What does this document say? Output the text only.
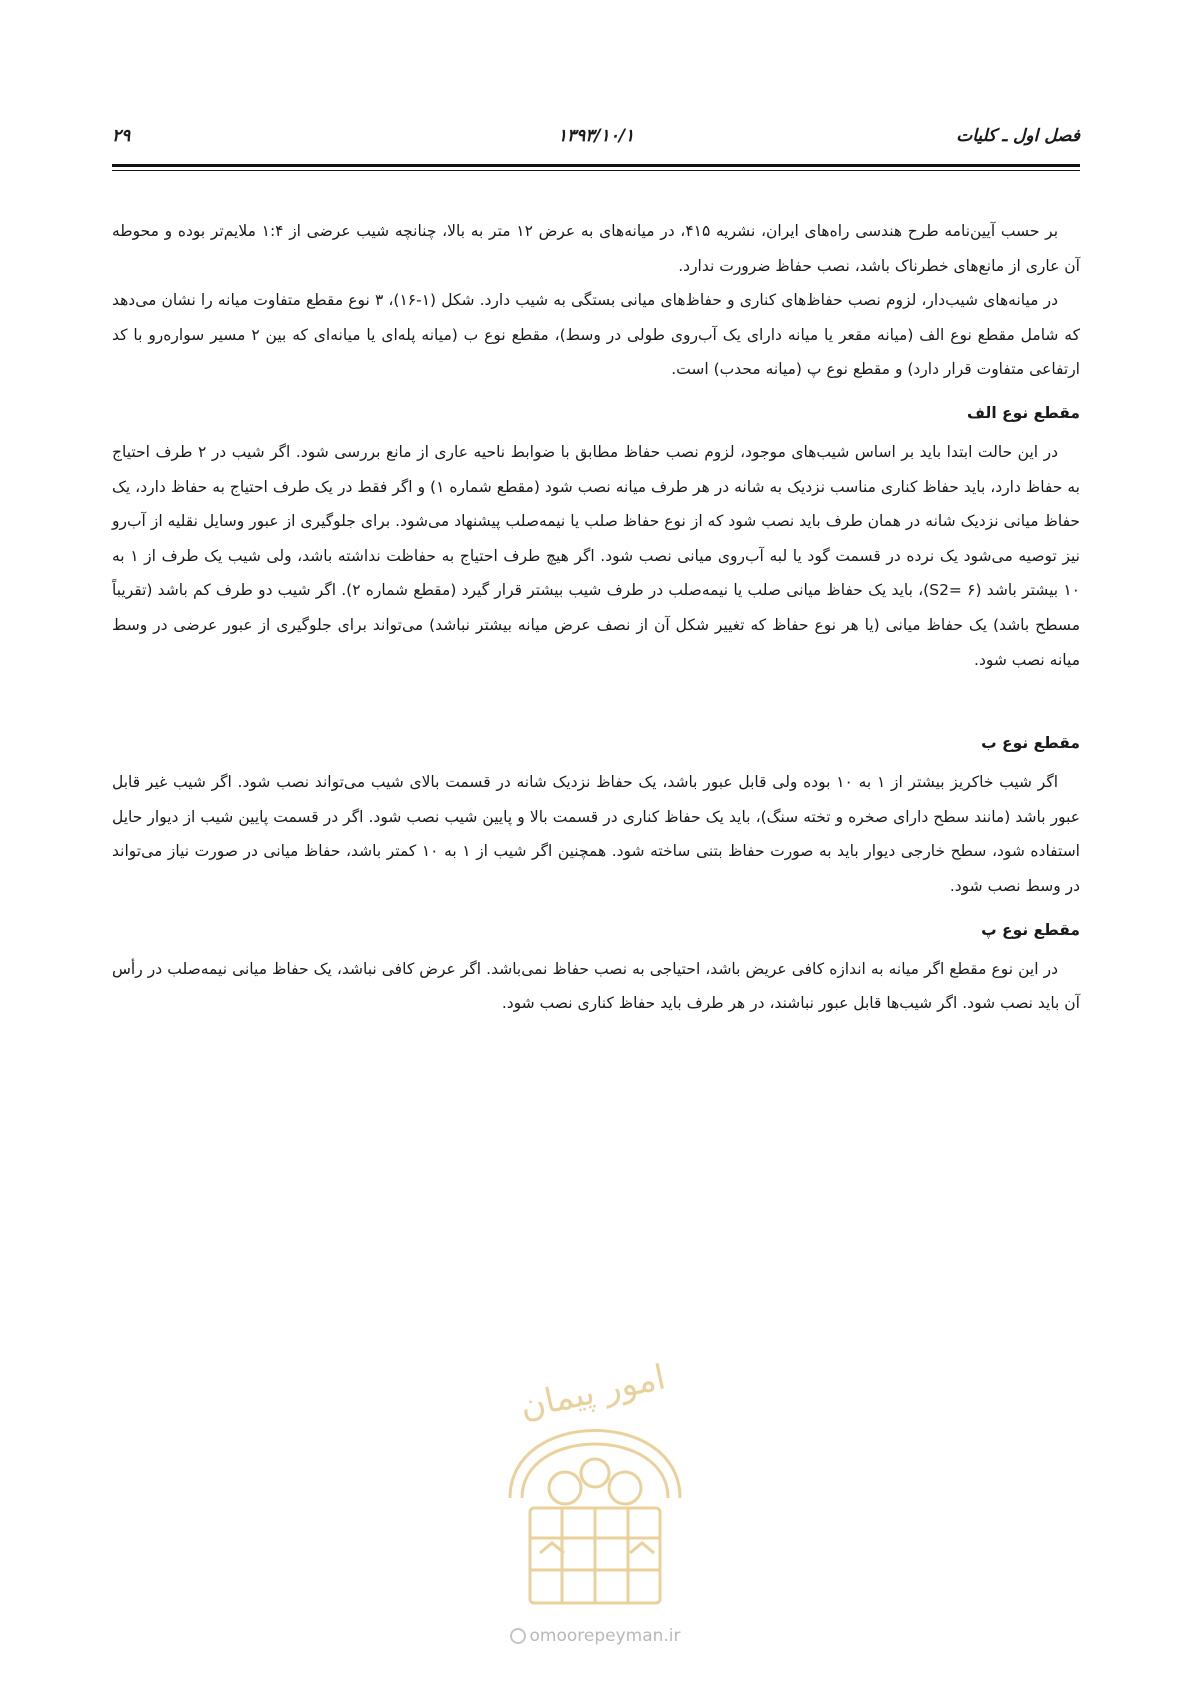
۲۹	۱۳۹۳/۱۰/۱	فصل اول ـ کلیات

بر حسب آیین‌نامه طرح هندسی راه‌های ایران، نشریه ۴۱۵، در میانه‌های به عرض ۱۲ متر به بالا، چنانچه شیب عرضی از ۱:۴ ملایم‌تر بوده و محوطه آن عاری از مانع‌های خطرناک باشد، نصب حفاظ ضرورت ندارد.

در میانه‌های شیب‌دار، لزوم نصب حفاظ‌های کناری و حفاظ‌های میانی بستگی به شیب دارد. شکل (۱-۱۶)، ۳ نوع مقطع متفاوت میانه را نشان می‌دهد که شامل مقطع نوع الف (میانه مقعر یا میانه دارای یک آب‌روی طولی در وسط)، مقطع نوع ب (میانه پله‌ای یا میانه‌ای که بین ۲ مسیر سواره‌رو با کد ارتفاعی متفاوت قرار دارد) و مقطع نوع پ (میانه محدب) است.

مقطع نوع الف

در این حالت ابتدا باید بر اساس شیب‌های موجود، لزوم نصب حفاظ مطابق با ضوابط ناحیه عاری از مانع بررسی شود. اگر شیب در ۲ طرف احتیاج به حفاظ دارد، باید حفاظ کناری مناسب نزدیک به شانه در هر طرف میانه نصب شود (مقطع شماره ۱) و اگر فقط در یک طرف احتیاج به حفاظ دارد، یک حفاظ میانی نزدیک شانه در همان طرف باید نصب شود که از نوع حفاظ صلب یا نیمه‌صلب پیشنهاد می‌شود. برای جلوگیری از عبور وسایل نقلیه از آب‌رو نیز توصیه می‌شود یک نرده در قسمت گود یا لبه آب‌روی میانی نصب شود. اگر هیچ طرف احتیاج به حفاظت نداشته باشد، ولی شیب یک طرف از ۱ به ۱۰ بیشتر باشد (S2= ۶)، باید یک حفاظ میانی صلب یا نیمه‌صلب در طرف شیب بیشتر قرار گیرد (مقطع شماره ۲). اگر شیب دو طرف کم باشد (تقریباً مسطح باشد) یک حفاظ میانی (یا هر نوع حفاظ که تغییر شکل آن از نصف عرض میانه بیشتر نباشد) می‌تواند برای جلوگیری از عبور عرضی در وسط میانه نصب شود.

مقطع نوع ب

اگر شیب خاکریز بیشتر از ۱ به ۱۰ بوده ولی قابل عبور باشد، یک حفاظ نزدیک شانه در قسمت بالای شیب می‌تواند نصب شود. اگر شیب غیر قابل عبور باشد (مانند سطح دارای صخره و تخته سنگ)، باید یک حفاظ کناری در قسمت بالا و پایین شیب نصب شود. اگر در قسمت پایین شیب از دیوار حایل استفاده شود، سطح خارجی دیوار باید به صورت حفاظ بتنی ساخته شود. همچنین اگر شیب از ۱ به ۱۰ کمتر باشد، حفاظ میانی در صورت نیاز می‌تواند در وسط نصب شود.

مقطع نوع پ

در این نوع مقطع اگر میانه به اندازه کافی عریض باشد، احتیاجی به نصب حفاظ نمی‌باشد. اگر عرض کافی نباشد، یک حفاظ میانی نیمه‌صلب در رأس آن باید نصب شود. اگر شیب‌ها قابل عبور نباشند، در هر طرف باید حفاظ کناری نصب شود.

امور پیمان
omoorepeyman.ir
